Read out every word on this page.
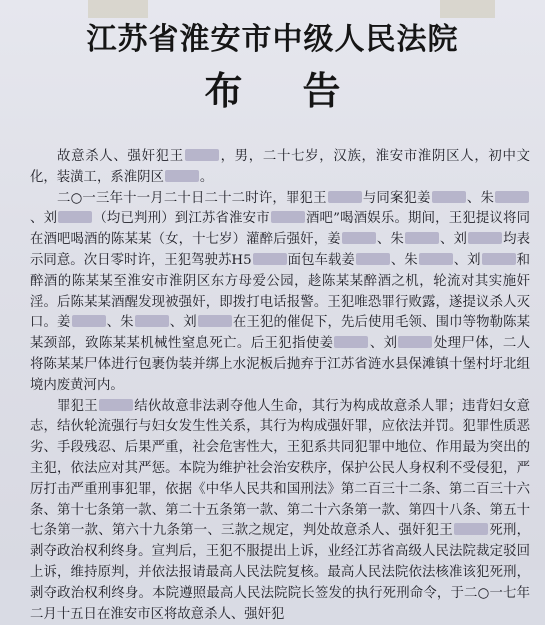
江苏省淮安市中级人民法院
布告

故意杀人、强奸犯王	，男，二十七岁，汉族，淮安市淮阴区人，初中文化，装潢工，系淮阴区	。

二○一三年十一月二十日二十二时许，罪犯王	与同案犯姜	、朱、刘	（均已判刑）到江苏省淮安市	酒吧”喝酒娱乐。期间，王犯提议将同在酒吧喝酒的陈某某（女，十七岁）灌醉后强奸，姜	、朱	、刘	均表示同意。次日零时许，王犯驾驶苏H5	面包车载姜	、朱	、刘	和醉酒的陈某某至淮安市淮阴区东方母爱公园，趁陈某某醉酒之机，轮流对其实施奸淫。后陈某某酒醒发现被强奸，即拨打电话报警。王犯唯恐罪行败露，遂提议杀人灭口。姜	、朱	、刘	在王犯的催促下，先后使用毛领、围巾等物勒陈某某颈部，致陈某某机械性窒息死亡。后王犯指使姜	、刘	处理尸体，二人将陈某某尸体进行包裹伪装并绑上水泥板后抛弃于江苏省涟水县保滩镇十堡村圩北组境内废黄河内。

罪犯王	结伙故意非法剥夺他人生命，其行为构成故意杀人罪；违背妇女意志，结伙轮流强行与妇女发生性关系，其行为构成强奸罪，应依法并罚。犯罪性质恶劣、手段残忍、后果严重，社会危害性大，王犯系共同犯罪中地位、作用最为突出的主犯，依法应对其严惩。本院为维护社会治安秩序，保护公民人身权利不受侵犯，严厉打击严重刑事犯罪，依据《中华人民共和国刑法》第二百三十二条、第二百三十六条、第十七条第一款、第二十五条第一款、第二十六条第一款、第四十八条、第五十七条第一款、第六十九条第一、三款之规定，判处故意杀人、强奸犯王	死刑，剥夺政治权利终身。宣判后，王犯不服提出上诉，业经江苏省高级人民法院裁定驳回上诉，维持原判，并依法报请最高人民法院复核。最高人民法院依法核准该犯死刑，剥夺政治权利终身。本院遵照最高人民法院院长签发的执行死刑命令，于二○一七年二月十五日在淮安市区将故意杀人、强奸犯
